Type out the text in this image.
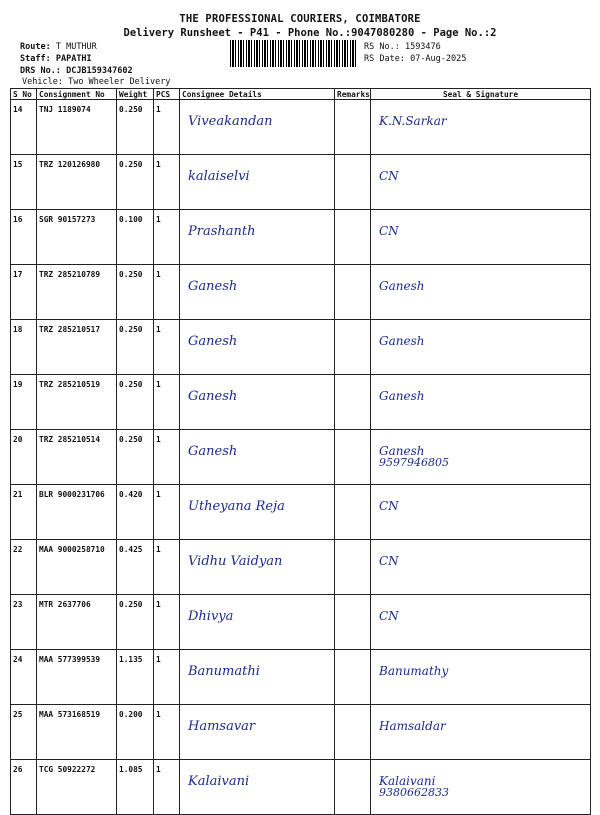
THE PROFESSIONAL COURIERS, COIMBATORE
Delivery Runsheet - P41 - Phone No.:9047080280 - Page No.:2
Route: T MUTHUR
Staff: PAPATHI
DRS No.: DCJB159347602
Vehicle: Two Wheeler Delivery
RS No.: 1593476
RS Date: 07-Aug-2025
S No	Consignment No	Weight	PCS	Consignee Details	Remarks	Seal & Signature
14	TNJ 1189074	0.250	1	Viveakandan		K.N.Sarkar
15	TRZ 120126980	0.250	1	kalaiselvi		CN
16	SGR 90157273	0.100	1	Prashanth		CN
17	TRZ 285210789	0.250	1	Ganesh		Ganesh
18	TRZ 285210517	0.250	1	Ganesh		Ganesh
19	TRZ 285210519	0.250	1	Ganesh		Ganesh
20	TRZ 285210514	0.250	1	Ganesh		Ganesh
9597946805

21	BLR 9000231706	0.420	1	Utheyana Reja		CN
22	MAA 9000258710	0.425	1	Vidhu Vaidyan		CN
23	MTR 2637706	0.250	1	Dhivya		CN
24	MAA 577399539	1.135	1	Banumathi		Banumathy
25	MAA 573168519	0.200	1	Hamsavar		Hamsaldar
26	TCG 50922272	1.085	1	Kalaivani		Kalaivani
9380662833
